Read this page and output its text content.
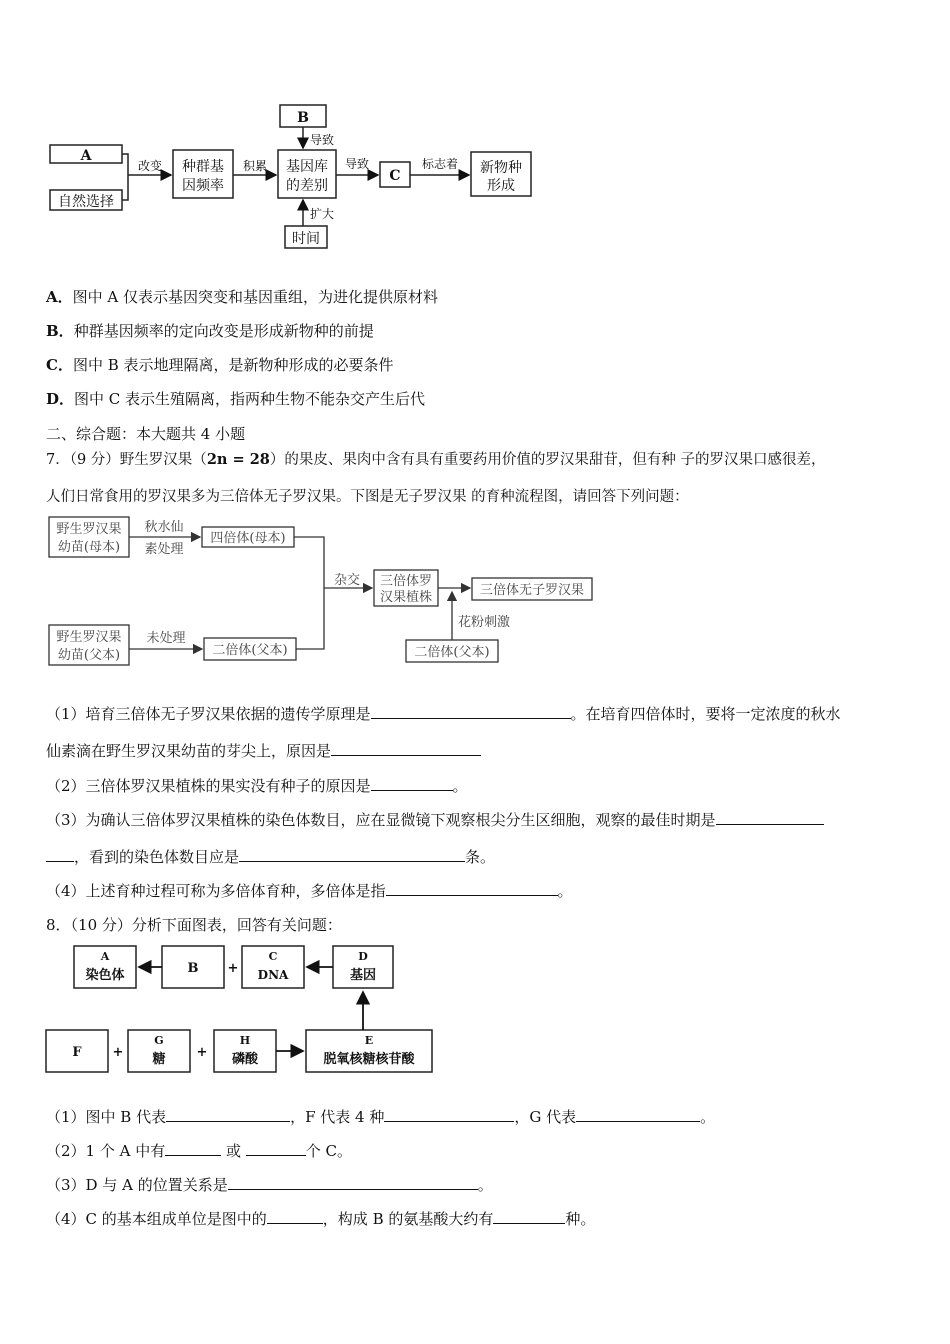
A
自然选择
改变 种群基
因频率
积累
B
导致
基因库
的差别
扩大
时间
导致
C
标志着 新物种
形成
A．图中 A 仅表示基因突变和基因重组，为进化提供原材料
B．种群基因频率的定向改变是形成新物种的前提
C．图中 B 表示地理隔离，是新物种形成的必要条件
D．图中 C 表示生殖隔离，指两种生物不能杂交产生后代
二、综合题：本大题共 4 小题
7．（9 分）野生罗汉果（2n = 28）的果皮、果肉中含有具有重要药用价值的罗汉果甜苷，但有种 子的罗汉果口感很差，
人们日常食用的罗汉果多为三倍体无子罗汉果。下图是无子罗汉果 的育种流程图，请回答下列问题：
野生罗汉果
幼苗(母本)
秋水仙
素处理
四倍体(母本)
杂交 三倍体罗
汉果植株	三倍体无子罗汉果
花粉刺激
野生罗汉果
幼苗(父本)
未处理
二倍体(父本)	二倍体(父本)
（1）培育三倍体无子罗汉果依据的遗传学原理是	。在培育四倍体时，要将一定浓度的秋水
仙素滴在野生罗汉果幼苗的芽尖上，原因是
（2）三倍体罗汉果植株的果实没有种子的原因是	。
（3）为确认三倍体罗汉果植株的染色体数目，应在显微镜下观察根尖分生区细胞，观察的最佳时期是
，看到的染色体数目应是	条。
（4）上述育种过程可称为多倍体育种，多倍体是指	。
8．（10 分）分析下面图表，回答有关问题：
A
染色体	B +
C
DNA
D
基因
F +
G
糖 +
H
磷酸
E
脱氧核糖核苷酸
（1）图中 B 代表	，F 代表 4 种	，G 代表	。
（2）1 个 A 中有	或	个 C。
（3）D 与 A 的位置关系是	。
（4）C 的基本组成单位是图中的	，构成 B 的氨基酸大约有	种。
